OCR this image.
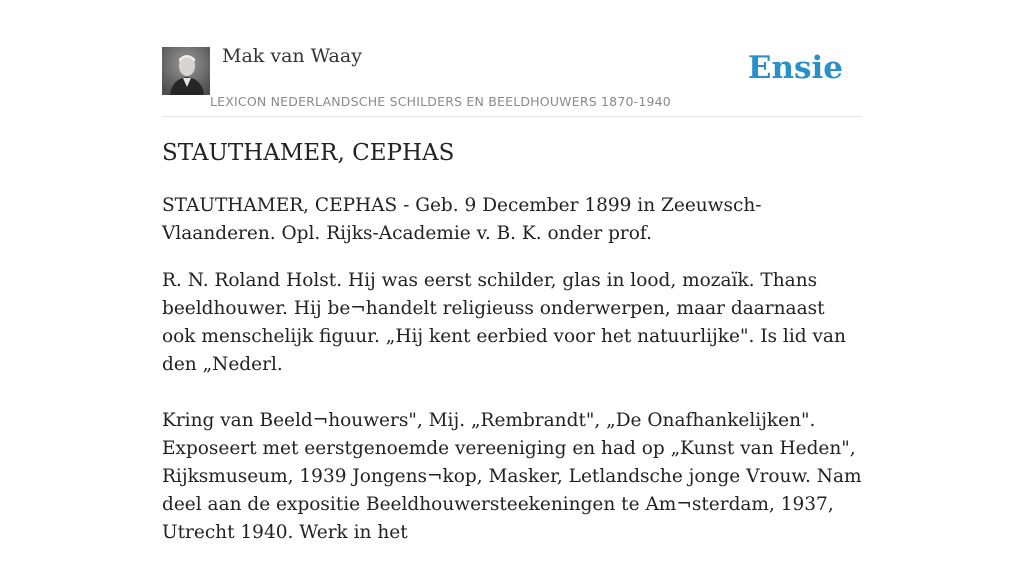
Mak van Waay
LEXICON NEDERLANDSCHE SCHILDERS EN BEELDHOUWERS 1870-1940
Ensie
STAUTHAMER, CEPHAS

STAUTHAMER, CEPHAS - Geb. 9 December 1899 in Zeeuwsch-Vlaanderen. Opl. Rijks-Academie v. B. K. onder prof.

R. N. Roland Holst. Hij was eerst schilder, glas in lood, mozaïk. Thans beeldhouwer. Hij be¬handelt religieuss onderwerpen, maar daarnaast ook menschelijk figuur. „Hij kent eerbied voor het natuurlijke". Is lid van den „Nederl.

Kring van Beeld¬houwers", Mij. „Rembrandt", „De Onafhankelijken". Exposeert met eerstgenoemde vereeniging en had op „Kunst van Heden", Rijksmuseum, 1939 Jongens¬kop, Masker, Letlandsche jonge Vrouw. Nam deel aan de expositie Beeldhouwersteekeningen te Am¬sterdam, 1937, Utrecht 1940. Werk in het
